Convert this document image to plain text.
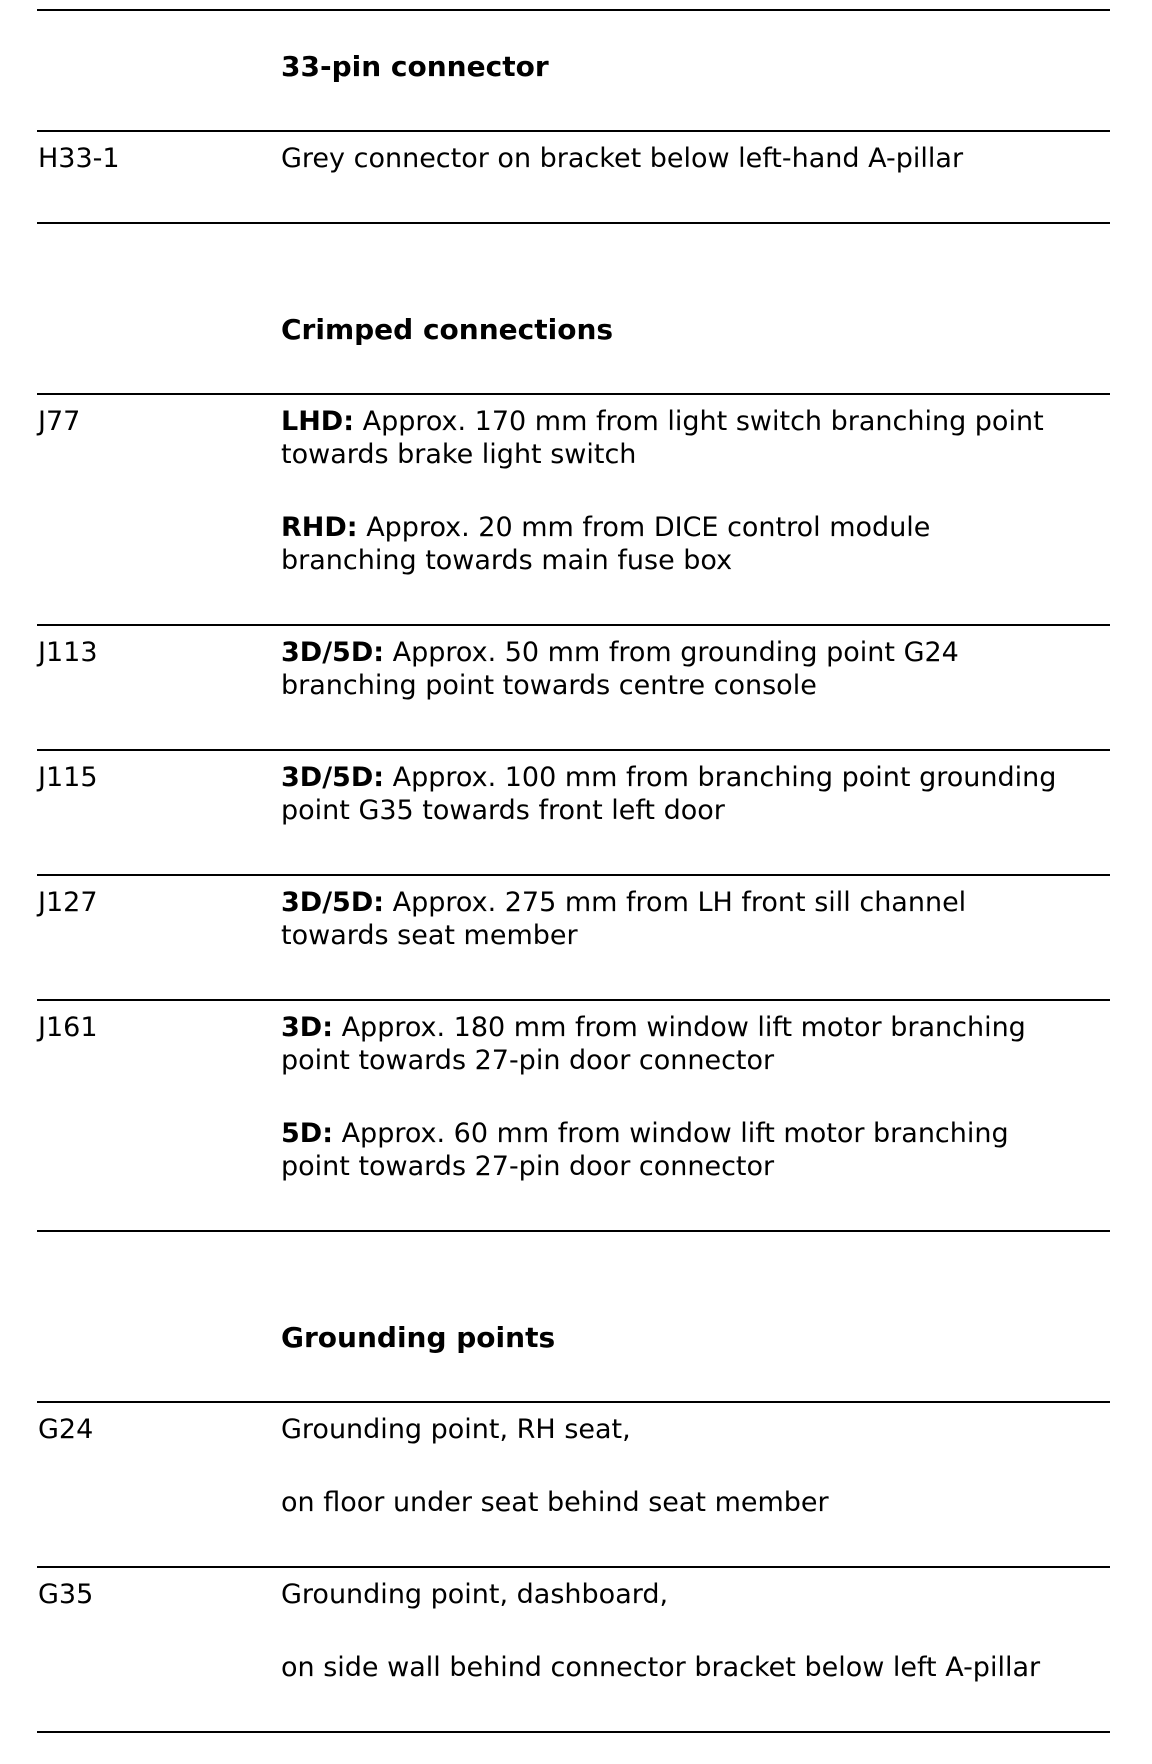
33-pin connector
H33-1	Grey connector on bracket below left-hand A-pillar
Crimped connections
J77	LHD: Approx. 170 mm from light switch branching point
towards brake light switch
RHD: Approx. 20 mm from DICE control module
branching towards main fuse box
J113	3D/5D: Approx. 50 mm from grounding point G24
branching point towards centre console
J115	3D/5D: Approx. 100 mm from branching point grounding
point G35 towards front left door
J127	3D/5D: Approx. 275 mm from LH front sill channel
towards seat member
J161	3D: Approx. 180 mm from window lift motor branching
point towards 27-pin door connector
5D: Approx. 60 mm from window lift motor branching
point towards 27-pin door connector
Grounding points
G24	Grounding point, RH seat,
on floor under seat behind seat member
G35	Grounding point, dashboard,
on side wall behind connector bracket below left A-pillar
